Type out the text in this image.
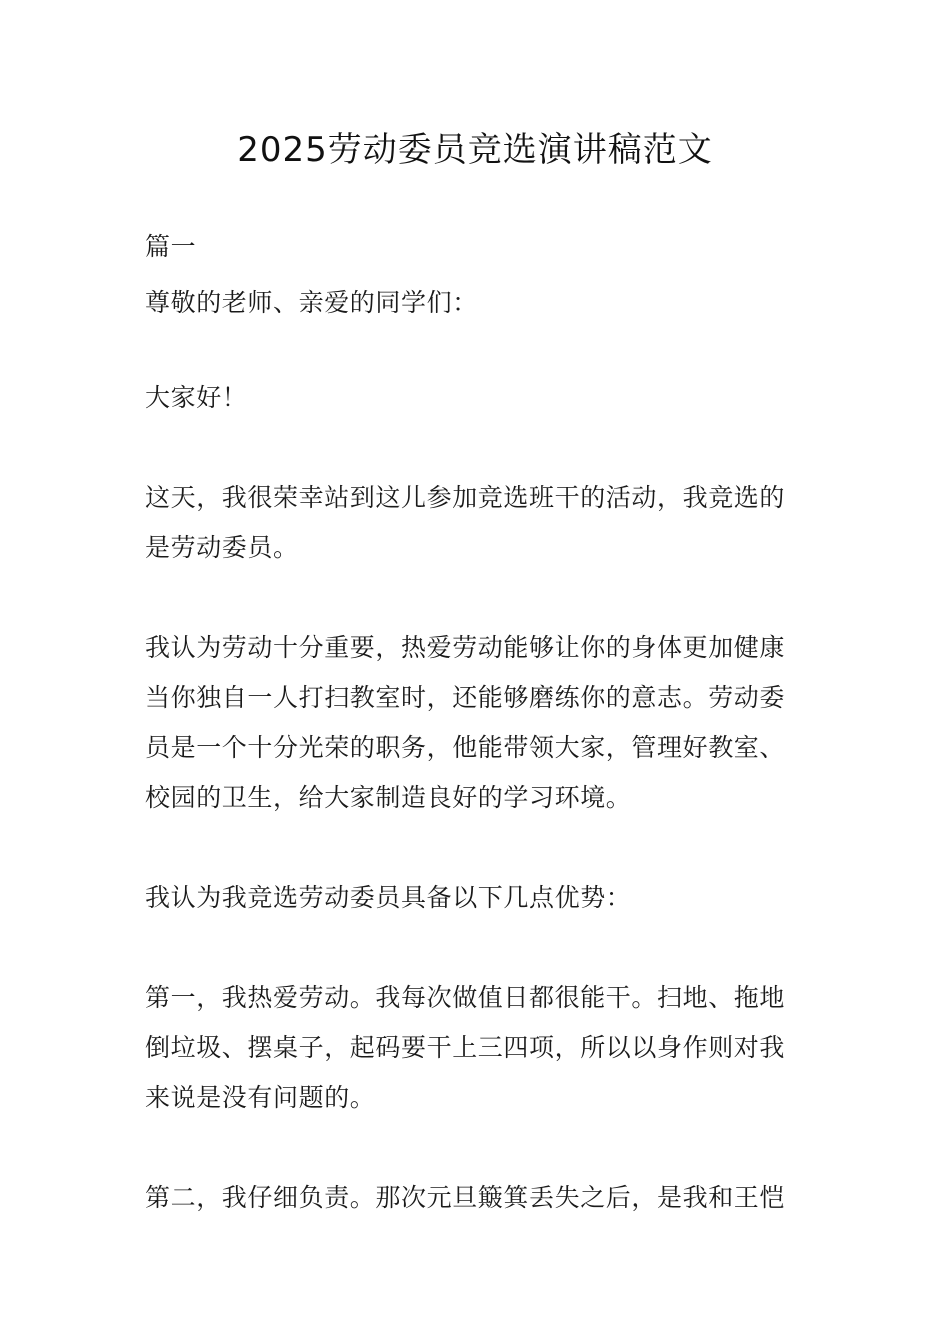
2025劳动委员竞选演讲稿范文
篇一
尊敬的老师、亲爱的同学们：
大家好！
这天，我很荣幸站到这儿参加竞选班干的活动，我竞选的
是劳动委员。
我认为劳动十分重要，热爱劳动能够让你的身体更加健康
当你独自一人打扫教室时，还能够磨练你的意志。劳动委
员是一个十分光荣的职务，他能带领大家，管理好教室、
校园的卫生，给大家制造良好的学习环境。
我认为我竞选劳动委员具备以下几点优势：
第一，我热爱劳动。我每次做值日都很能干。扫地、拖地
倒垃圾、摆桌子，起码要干上三四项，所以以身作则对我
来说是没有问题的。
第二，我仔细负责。那次元旦簸箕丢失之后，是我和王恺
